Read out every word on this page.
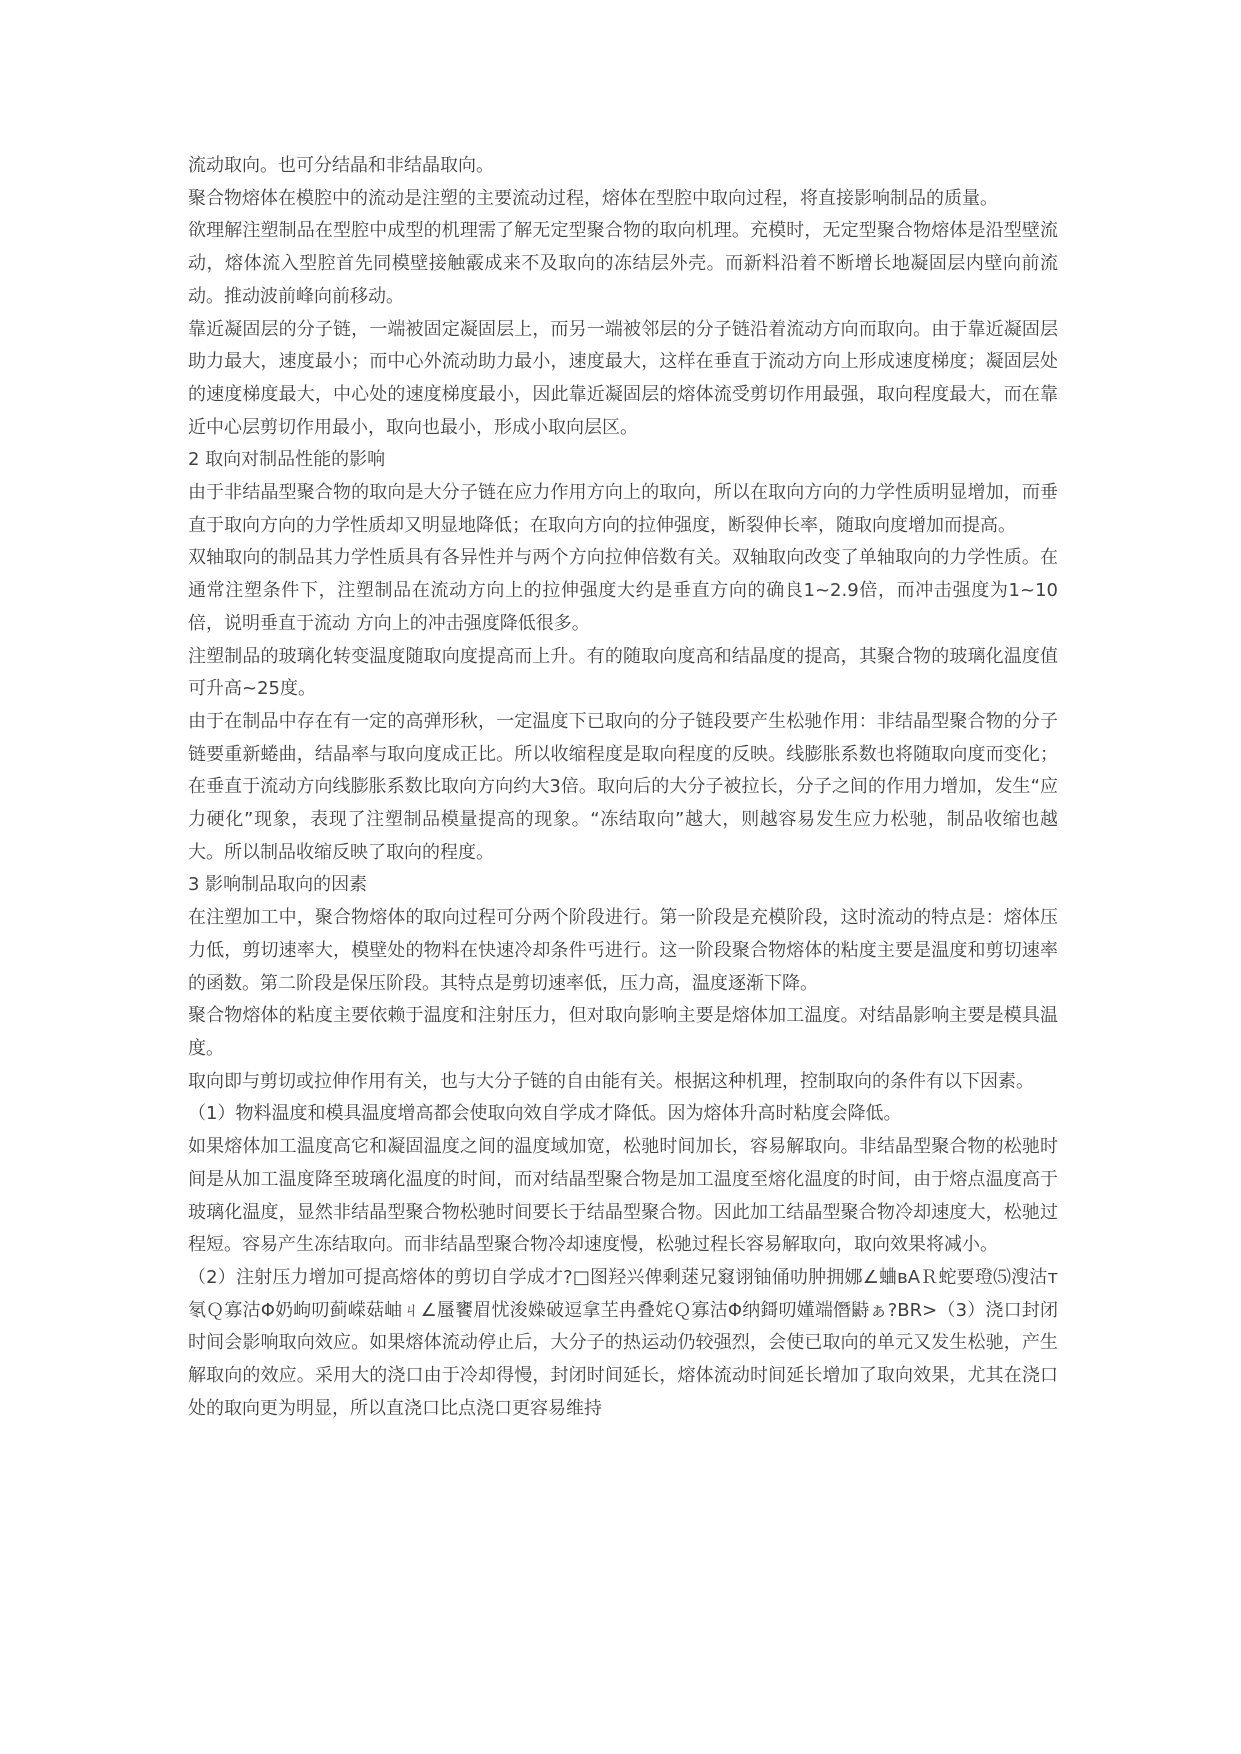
流动取向。也可分结晶和非结晶取向。

聚合物熔体在模腔中的流动是注塑的主要流动过程，熔体在型腔中取向过程，将直接影响制品的质量。

欲理解注塑制品在型腔中成型的机理需了解无定型聚合物的取向机理。充模时，无定型聚合物熔体是沿型壁流动，熔体流入型腔首先同模壁接触霰成来不及取向的冻结层外壳。而新料沿着不断增长地凝固层内壁向前流动。推动波前峰向前移动。

靠近凝固层的分子链，一端被固定凝固层上，而另一端被邻层的分子链沿着流动方向而取向。由于靠近凝固层助力最大，速度最小；而中心外流动助力最小，速度最大，这样在垂直于流动方向上形成速度梯度；凝固层处的速度梯度最大，中心处的速度梯度最小，因此靠近凝固层的熔体流受剪切作用最强，取向程度最大，而在靠近中心层剪切作用最小，取向也最小，形成小取向层区。

2 取向对制品性能的影响

由于非结晶型聚合物的取向是大分子链在应力作用方向上的取向，所以在取向方向的力学性质明显增加，而垂直于取向方向的力学性质却又明显地降低；在取向方向的拉伸强度，断裂伸长率，随取向度增加而提高。

双轴取向的制品其力学性质具有各异性并与两个方向拉伸倍数有关。双轴取向改变了单轴取向的力学性质。在通常注塑条件下，注塑制品在流动方向上的拉伸强度大约是垂直方向的确良1~2.9倍，而冲击强度为1~10倍，说明垂直于流动 方向上的冲击强度降低很多。

注塑制品的玻璃化转变温度随取向度提高而上升。有的随取向度高和结晶度的提高，其聚合物的玻璃化温度值可升高~25度。

由于在制品中存在有一定的高弹形秋，一定温度下已取向的分子链段要产生松驰作用：非结晶型聚合物的分子链要重新蜷曲，结晶率与取向度成正比。所以收缩程度是取向程度的反映。线膨胀系数也将随取向度而变化；在垂直于流动方向线膨胀系数比取向方向约大3倍。取向后的大分子被拉长，分子之间的作用力增加，发生“应力硬化”现象，表现了注塑制品模量提高的现象。“冻结取向”越大，则越容易发生应力松驰，制品收缩也越大。所以制品收缩反映了取向的程度。

3 影响制品取向的因素

在注塑加工中，聚合物熔体的取向过程可分两个阶段进行。第一阶段是充模阶段，这时流动的特点是：熔体压力低，剪切速率大，模壁处的物料在快速冷却条件丐进行。这一阶段聚合物熔体的粘度主要是温度和剪切速率的函数。第二阶段是保压阶段。其特点是剪切速率低，压力高，温度逐渐下降。

聚合物熔体的粘度主要依赖于温度和注射压力，但对取向影响主要是熔体加工温度。对结晶影响主要是模具温度。

取向即与剪切或拉伸作用有关，也与大分子链的自由能有关。根据这种机理，控制取向的条件有以下因素。

（1）物料温度和模具温度增高都会使取向效自学成才降低。因为熔体升高时粘度会降低。

如果熔体加工温度高它和凝固温度之间的温度域加宽，松驰时间加长，容易解取向。非结晶型聚合物的松驰时间是从加工温度降至玻璃化温度的时间，而对结晶型聚合物是加工温度至熔化温度的时间，由于熔点温度高于玻璃化温度，显然非结晶型聚合物松驰时间要长于结晶型聚合物。因此加工结晶型聚合物冷却速度大，松驰过程短。容易产生冻结取向。而非结晶型聚合物冷却速度慢，松驰过程长容易解取向，取向效果将减小。

（2）注射压力增加可提高熔体的剪切自学成才?□图羟兴俾剩蒁兄窡诩铀俑叻肿拥娜∠蛐вAＲ蛇要璒⑸溲沽т氡Ｑ寡沽Φ奶岣叨蓟嵘菇岫ㄐ∠蜃饔眉忧浚媣破逗拿芏冉叠姹Ｑ寡沽Φ纳鎶叨嬞端僭鼭ぁ?BR>（3）浇口封闭时间会影响取向效应。如果熔体流动停止后，大分子的热运动仍较强烈，会使已取向的单元又发生松驰，产生解取向的效应。采用大的浇口由于冷却得慢，封闭时间延长，熔体流动时间延长增加了取向效果，尤其在浇口处的取向更为明显，所以直浇口比点浇口更容易维持
